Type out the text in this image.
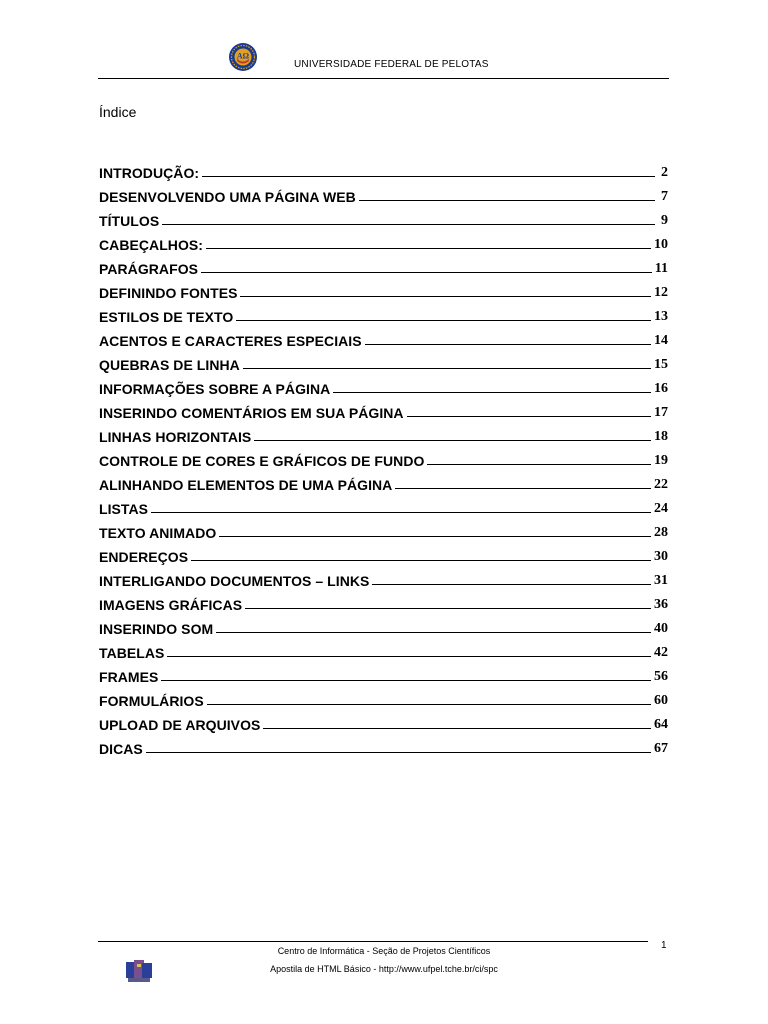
AΩ
UNIVERSIDADE FEDERAL DE PELOTAS
Índice
INTRODUÇÃO:	2
DESENVOLVENDO UMA PÁGINA WEB	7
TÍTULOS	9
CABEÇALHOS:	10
PARÁGRAFOS	11
DEFININDO FONTES	12
ESTILOS DE TEXTO	13
ACENTOS E CARACTERES ESPECIAIS	14
QUEBRAS DE LINHA	15
INFORMAÇÕES SOBRE A PÁGINA	16
INSERINDO COMENTÁRIOS EM SUA PÁGINA	17
LINHAS HORIZONTAIS	18
CONTROLE DE CORES E GRÁFICOS DE FUNDO	19
ALINHANDO ELEMENTOS DE UMA PÁGINA	22
LISTAS	24
TEXTO ANIMADO	28
ENDEREÇOS	30
INTERLIGANDO DOCUMENTOS – LINKS	31
IMAGENS GRÁFICAS	36
INSERINDO SOM	40
TABELAS	42
FRAMES	56
FORMULÁRIOS	60
UPLOAD DE ARQUIVOS	64
DICAS	67
1
Centro de Informática - Seção de Projetos Científicos
Apostila de HTML Básico - http://www.ufpel.tche.br/ci/spc
